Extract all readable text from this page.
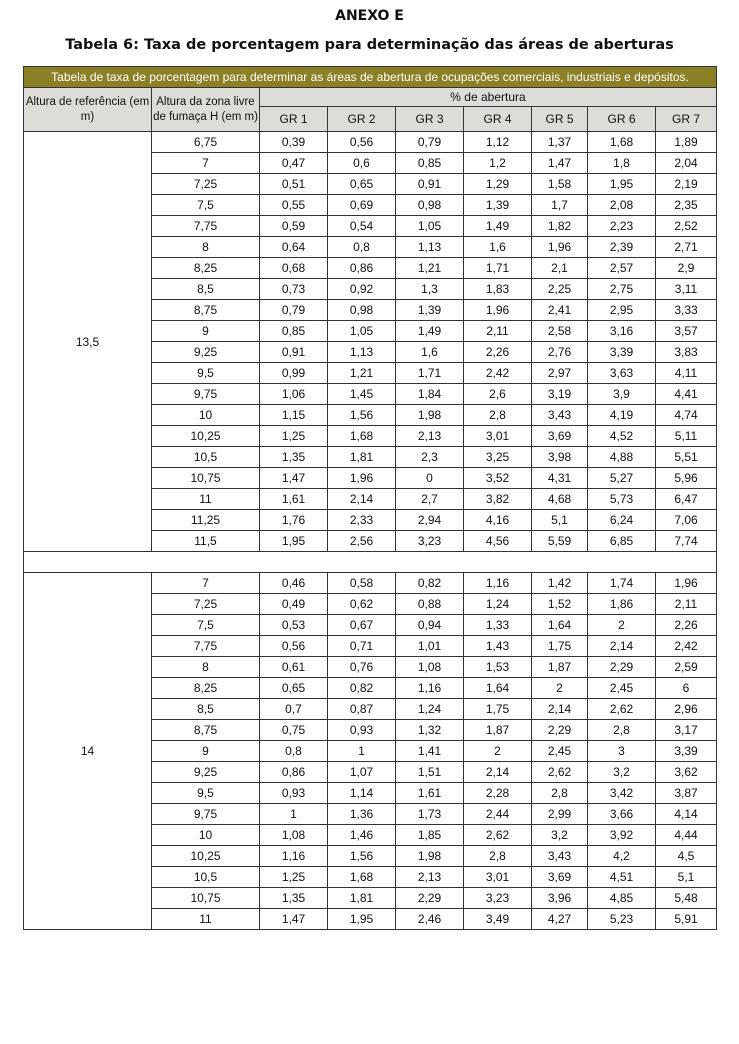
ANEXO E
Tabela 6: Taxa de porcentagem para determinação das áreas de aberturas
Tabela de taxa de porcentagem para determinar as áreas de abertura de ocupações comerciais, industriais e depósitos.								
Altura de referência (em m)	Altura da zona livre de fumaça H (em m)	% de abertura						
		GR 1	GR 2	GR 3	GR 4	GR 5	GR 6	GR 7
13,5	6,75	0,39	0,56	0,79	1,12	1,37	1,68	1,89
	7	0,47	0,6	0,85	1,2	1,47	1,8	2,04
	7,25	0,51	0,65	0,91	1,29	1,58	1,95	2,19
	7,5	0,55	0,69	0,98	1,39	1,7	2,08	2,35
	7,75	0,59	0,54	1,05	1,49	1,82	2,23	2,52
	8	0,64	0,8	1,13	1,6	1,96	2,39	2,71
	8,25	0,68	0,86	1,21	1,71	2,1	2,57	2,9
	8,5	0,73	0,92	1,3	1,83	2,25	2,75	3,11
	8,75	0,79	0,98	1,39	1,96	2,41	2,95	3,33
	9	0,85	1,05	1,49	2,11	2,58	3,16	3,57
	9,25	0,91	1,13	1,6	2,26	2,76	3,39	3,83
	9,5	0,99	1,21	1,71	2,42	2,97	3,63	4,11
	9,75	1,06	1,45	1,84	2,6	3,19	3,9	4,41
	10	1,15	1,56	1,98	2,8	3,43	4,19	4,74
	10,25	1,25	1,68	2,13	3,01	3,69	4,52	5,11
	10,5	1,35	1,81	2,3	3,25	3,98	4,88	5,51
	10,75	1,47	1,96	0	3,52	4,31	5,27	5,96
	11	1,61	2,14	2,7	3,82	4,68	5,73	6,47
	11,25	1,76	2,33	2,94	4,16	5,1	6,24	7,06
	11,5	1,95	2,56	3,23	4,56	5,59	6,85	7,74

14	7	0,46	0,58	0,82	1,16	1,42	1,74	1,96
	7,25	0,49	0,62	0,88	1,24	1,52	1,86	2,11
	7,5	0,53	0,67	0,94	1,33	1,64	2	2,26
	7,75	0,56	0,71	1,01	1,43	1,75	2,14	2,42
	8	0,61	0,76	1,08	1,53	1,87	2,29	2,59
	8,25	0,65	0,82	1,16	1,64	2	2,45	6
	8,5	0,7	0,87	1,24	1,75	2,14	2,62	2,96
	8,75	0,75	0,93	1,32	1,87	2,29	2,8	3,17
	9	0,8	1	1,41	2	2,45	3	3,39
	9,25	0,86	1,07	1,51	2,14	2,62	3,2	3,62
	9,5	0,93	1,14	1,61	2,28	2,8	3,42	3,87
	9,75	1	1,36	1,73	2,44	2,99	3,66	4,14
	10	1,08	1,46	1,85	2,62	3,2	3,92	4,44
	10,25	1,16	1,56	1,98	2,8	3,43	4,2	4,5
	10,5	1,25	1,68	2,13	3,01	3,69	4,51	5,1
	10,75	1,35	1,81	2,29	3,23	3,96	4,85	5,48
	11	1,47	1,95	2,46	3,49	4,27	5,23	5,91
